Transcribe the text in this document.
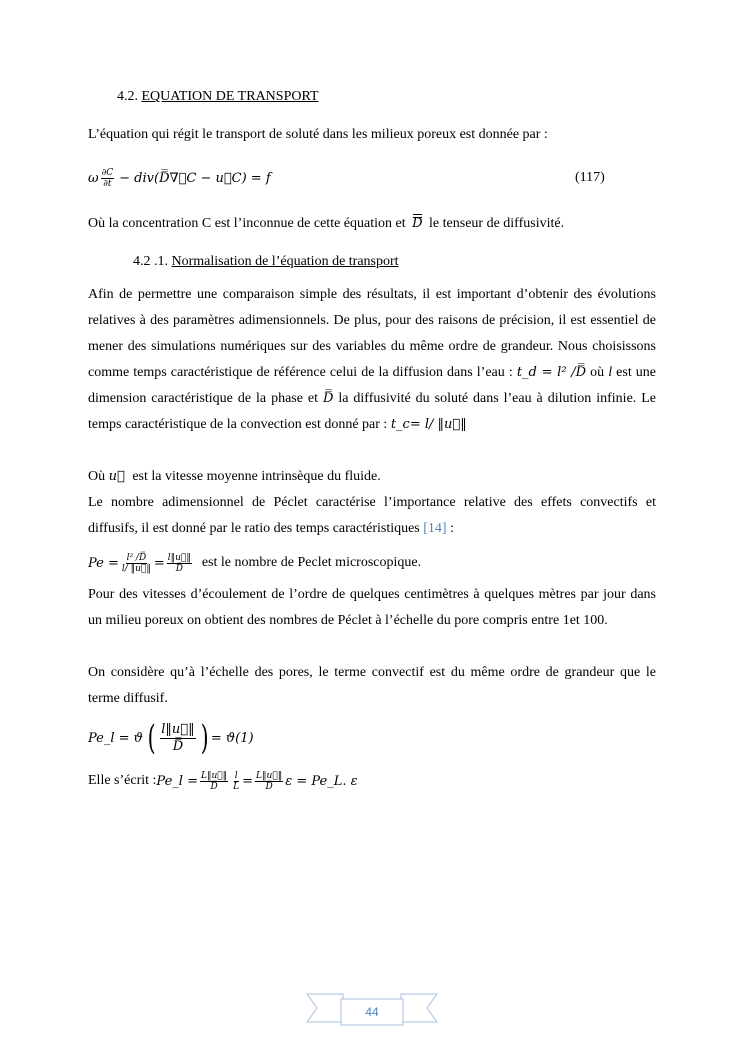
4.2. EQUATION DE TRANSPORT

L’équation qui régit le transport de soluté dans les milieux poreux est donnée par :

ω $\frac{\partial C}{\partial t}$ − div(D̿∇⃗C − u⃗C) = f	(117)
Où la concentration C est l’inconnue de cette équation et D le tenseur de diffusivité.
4.2 .1. Normalisation de l’équation de transport

Afin de permettre une comparaison simple des résultats, il est important d’obtenir des évolutions relatives à des paramètres adimensionnels. De plus, pour des raisons de précision, il est essentiel de mener des simulations numériques sur des variables du même ordre de grandeur. Nous choisissons comme temps caractéristique de référence celui de la diffusion dans l’eau : t_d = l² /D̿ où l est une dimension caractéristique de la phase et D̿ la diffusivité du soluté dans l’eau à dilution infinie. Le temps caractéristique de la convection est donné par : t_c= l/ ‖u⃗‖

Où u⃗ est la vitesse moyenne intrinsèque du fluide.

Le nombre adimensionnel de Péclet caractérise l’importance relative des effets convectifs et diffusifs, il est donné par le ratio des temps caractéristiques [14] :

$Pe = \frac{\text{l² /D̿}}{l/ ‖u⃗‖} = \frac{l‖u⃗‖}{D̿}$ est le nombre de Peclet microscopique.

Pour des vitesses d’écoulement de l’ordre de quelques centimètres à quelques mètres par jour dans un milieu poreux on obtient des nombres de Péclet à l’échelle du pore compris entre 1et 100.

On considère qu’à l’échelle des pores, le terme convectif est du même ordre de grandeur que le terme diffusif.

Pe_l = ϑ ( $\frac{l‖u⃗‖}{D̿}$ ) = ϑ(1)
Elle s’écrit : Pe_l = $\frac{L‖u⃗‖}{D̿} \frac{l}{L} = \frac{L‖u⃗‖}{D̿}$ ε = Pe_L. ε
44
